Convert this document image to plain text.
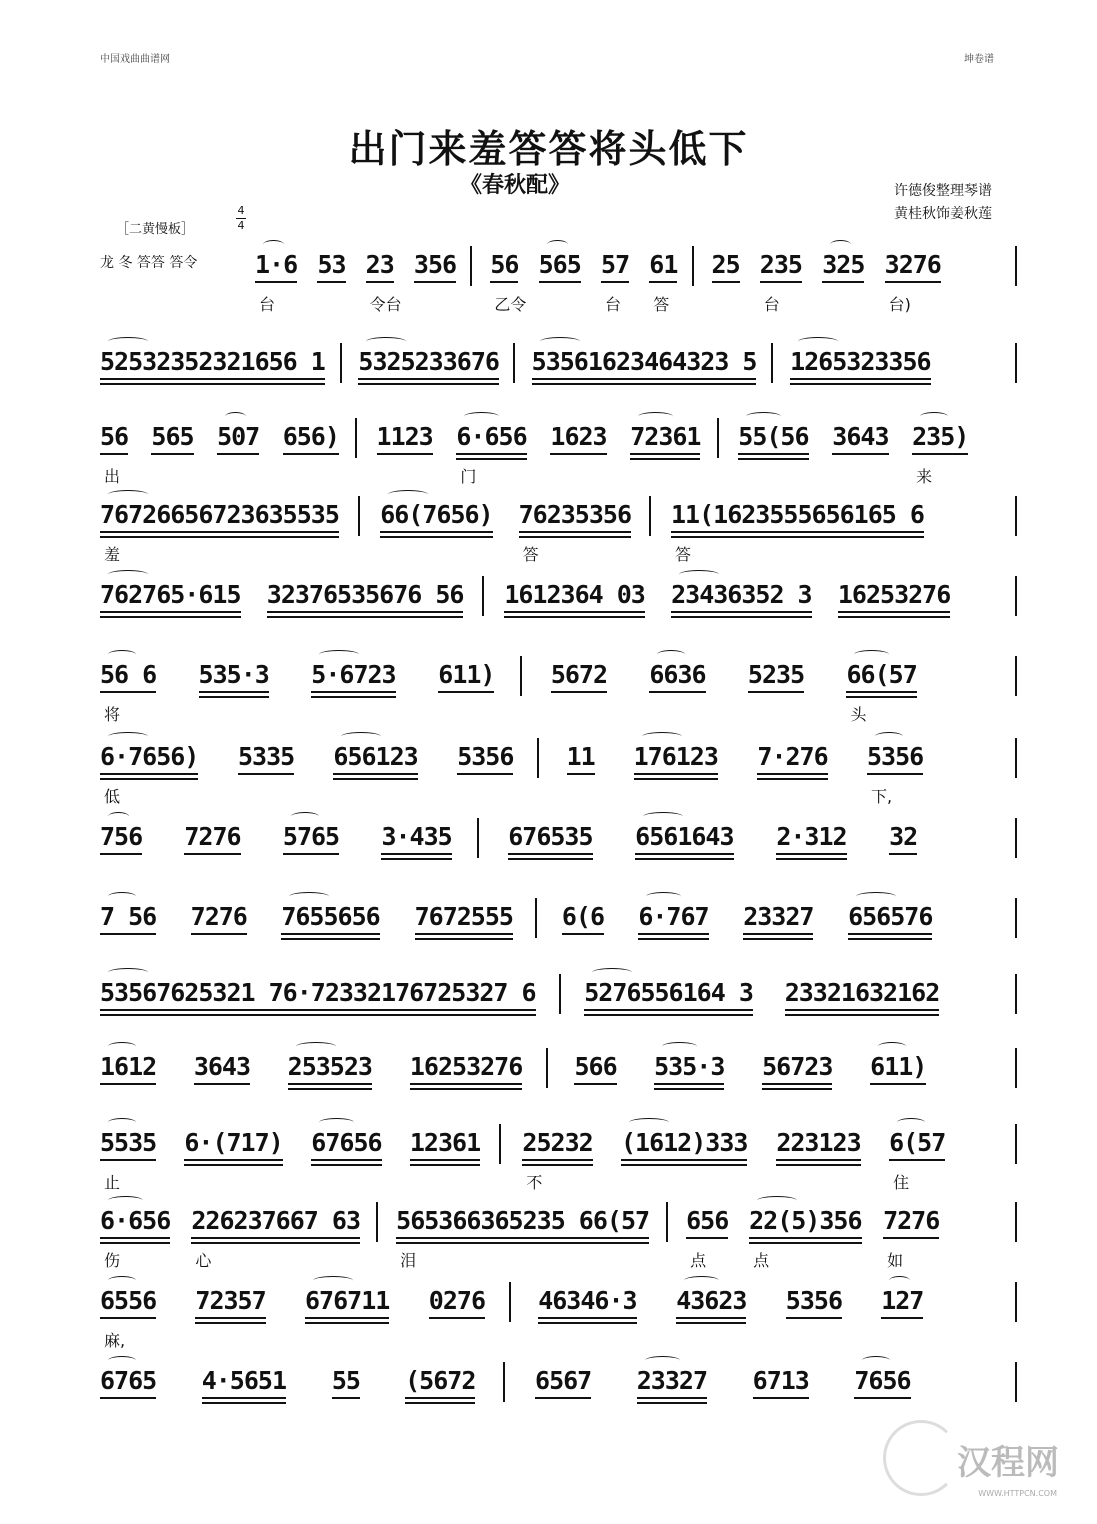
中国戏曲曲谱网	坤卷谱
出门来羞答答将头低下
《春秋配》	许德俊整理琴谱
黄桂秋饰姜秋莲
［二黄慢板］
4
4
龙 冬 答答 答令 1·6 53 23 356 56 565 57 61 25 235 325 3276
台	令台	乙令	台 答	台	台)
52532352321656 1 5325233676 53561623464323 5 1265323356
56 565 507 656) 1123 6·656 1623 72361 55(56 3643 235)
出	门	来
76726656723635535 66(7656) 76235356 11(1623555656165 6
羞	答	答
762765·615 32376535676 56 1612364 03 23436352 3 16253276
56 6 535·3 5·6723 611) 5672 6636 5235 66(57
将	头
6·7656) 5335 656123 5356 11 176123 7·276 5356
低	下,
756 7276 5765 3·435 676535 6561643 2·312 32
7 56 7276 7655656 7672555 6(6 6·767 23327 656576
53567625321 76·72332176725327 6 5276556164 3 23321632162
1612 3643 253523 16253276 566 535·3 56723 611)
5535 6·(717) 67656 12361 25232 (1612)333 223123 6(57
止	不	住
6·656 226237667 63 565366365235 66(57 656 22(5)356 7276
伤	心	泪	点	点	如
6556 72357 676711 0276 46346·3 43623 5356 127
麻,
6765 4·5651 55 (5672 6567 23327 6713 7656
汉程网
WWW.HTTPCN.COM
